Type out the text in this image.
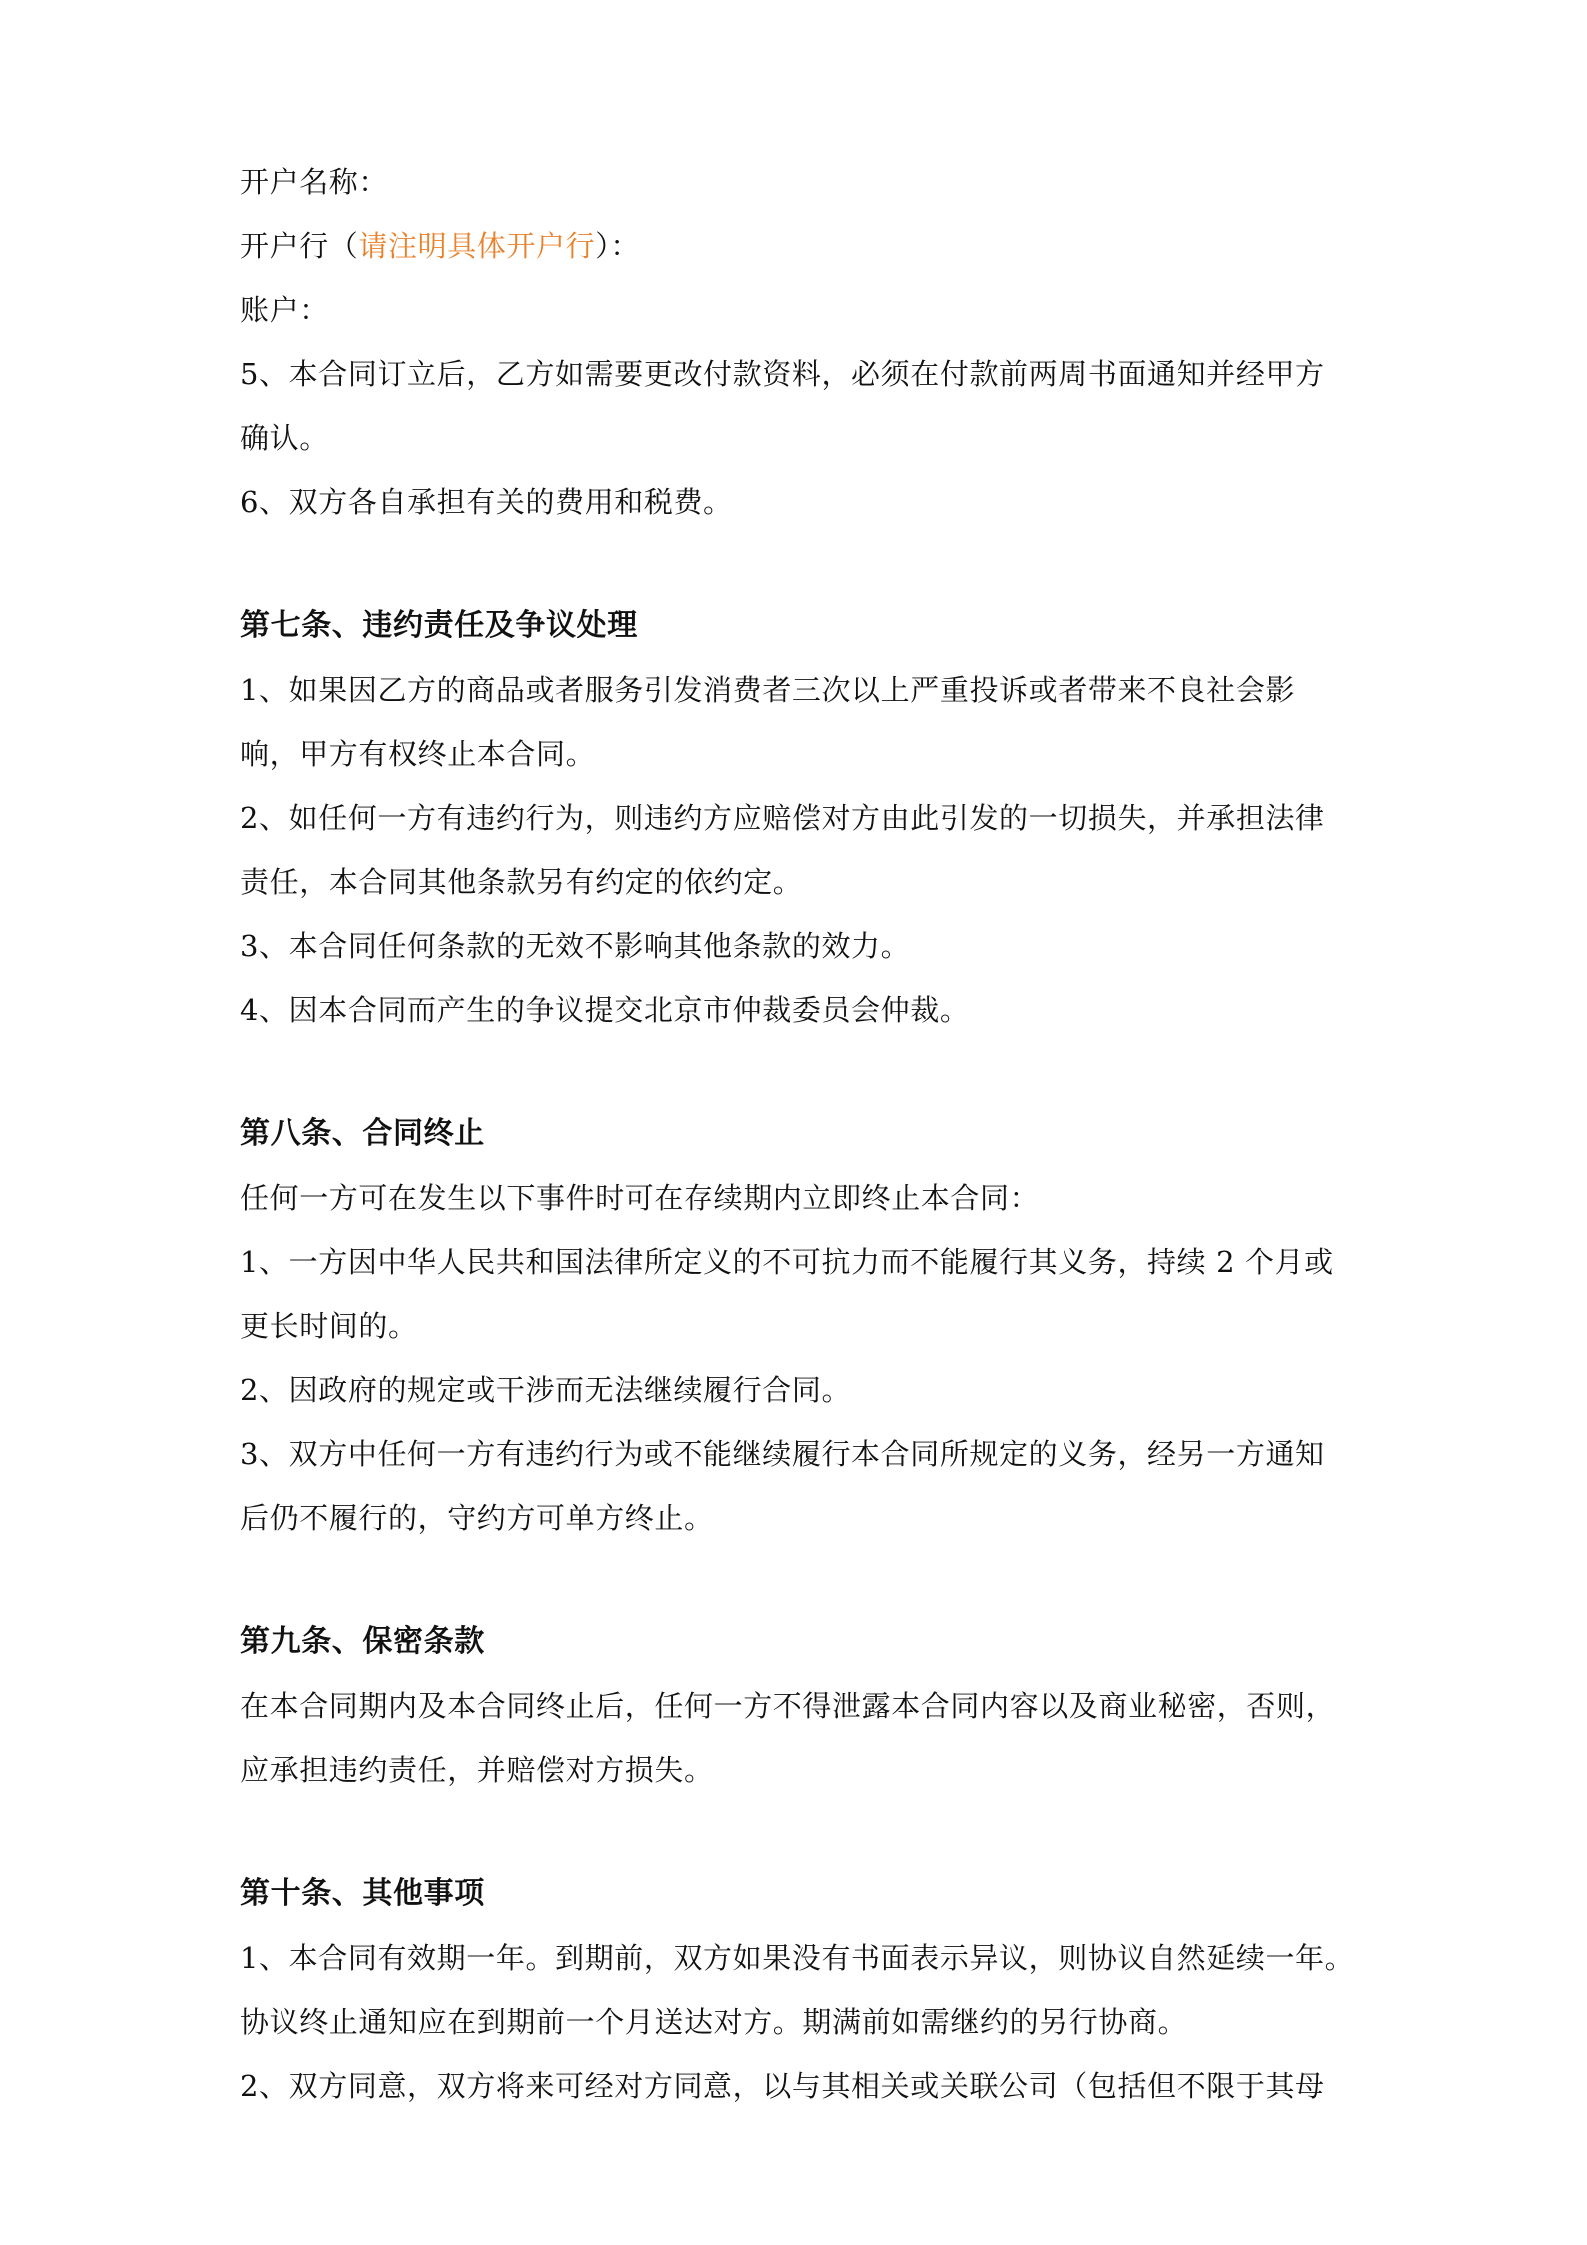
开户名称：
开户行（请注明具体开户行）：
账户：
5、本合同订立后，乙方如需要更改付款资料，必须在付款前两周书面通知并经甲方
确认。
6、双方各自承担有关的费用和税费。
第七条、违约责任及争议处理
1、如果因乙方的商品或者服务引发消费者三次以上严重投诉或者带来不良社会影
响，甲方有权终止本合同。
2、如任何一方有违约行为，则违约方应赔偿对方由此引发的一切损失，并承担法律
责任，本合同其他条款另有约定的依约定。
3、本合同任何条款的无效不影响其他条款的效力。
4、因本合同而产生的争议提交北京市仲裁委员会仲裁。
第八条、合同终止
任何一方可在发生以下事件时可在存续期内立即终止本合同：
1、一方因中华人民共和国法律所定义的不可抗力而不能履行其义务，持续 2 个月或
更长时间的。
2、因政府的规定或干涉而无法继续履行合同。
3、双方中任何一方有违约行为或不能继续履行本合同所规定的义务，经另一方通知
后仍不履行的，守约方可单方终止。
第九条、保密条款
在本合同期内及本合同终止后，任何一方不得泄露本合同内容以及商业秘密，否则，
应承担违约责任，并赔偿对方损失。
第十条、其他事项
1、本合同有效期一年。到期前，双方如果没有书面表示异议，则协议自然延续一年。
协议终止通知应在到期前一个月送达对方。期满前如需继约的另行协商。
2、双方同意，双方将来可经对方同意，以与其相关或关联公司（包括但不限于其母
